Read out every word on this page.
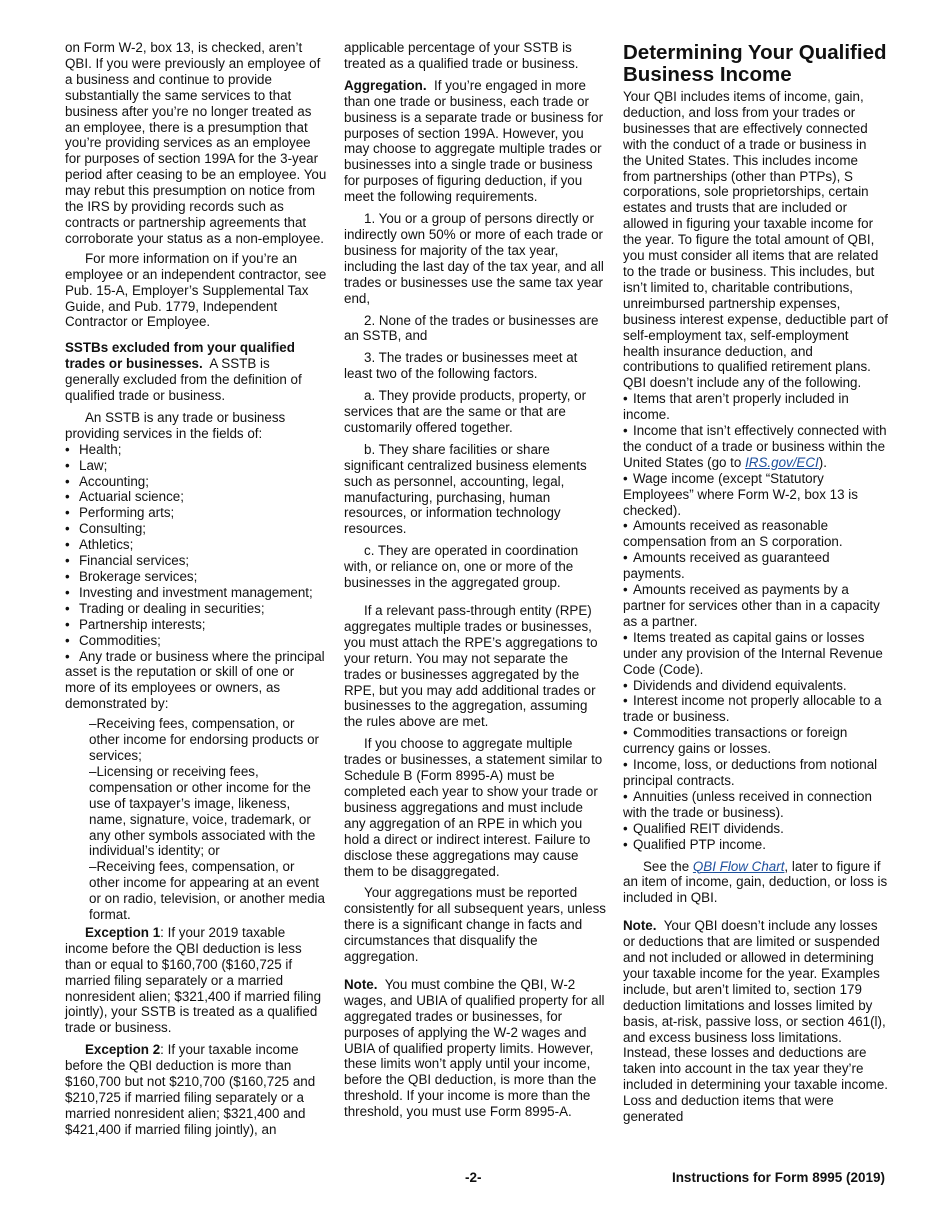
on Form W-2, box 13, is checked, aren’t QBI. If you were previously an employee of a business and continue to provide substantially the same services to that business after you’re no longer treated as an employee, there is a presumption that you’re providing services as an employee for purposes of section 199A for the 3-year period after ceasing to be an employee. You may rebut this presumption on notice from the IRS by providing records such as contracts or partnership agreements that corroborate your status as a non-employee.

For more information on if you’re an employee or an independent contractor, see Pub. 15-A, Employer’s Supplemental Tax Guide, and Pub. 1779, Independent Contractor or Employee.

SSTBs excluded from your qualified trades or businesses. A SSTB is generally excluded from the definition of qualified trade or business.

An SSTB is any trade or business providing services in the fields of:

• Health;
• Law;
• Accounting;
• Actuarial science;
• Performing arts;
• Consulting;
• Athletics;
• Financial services;
• Brokerage services;
• Investing and investment management;
• Trading or dealing in securities;
• Partnership interests;
• Commodities;
• Any trade or business where the principal asset is the reputation or skill of one or more of its employees or owners, as demonstrated by:
–Receiving fees, compensation, or other income for endorsing products or services;
–Licensing or receiving fees, compensation or other income for the use of taxpayer’s image, likeness, name, signature, voice, trademark, or any other symbols associated with the individual’s identity; or
–Receiving fees, compensation, or other income for appearing at an event or on radio, television, or another media format.

Exception 1: If your 2019 taxable income before the QBI deduction is less than or equal to $160,700 ($160,725 if married filing separately or a married nonresident alien; $321,400 if married filing jointly), your SSTB is treated as a qualified trade or business.

Exception 2: If your taxable income before the QBI deduction is more than $160,700 but not $210,700 ($160,725 and $210,725 if married filing separately or a married nonresident alien; $321,400 and $421,400 if married filing jointly), an

applicable percentage of your SSTB is treated as a qualified trade or business.

Aggregation. If you’re engaged in more than one trade or business, each trade or business is a separate trade or business for purposes of section 199A. However, you may choose to aggregate multiple trades or businesses into a single trade or business for purposes of figuring deduction, if you meet the following requirements.

1. You or a group of persons directly or indirectly own 50% or more of each trade or business for majority of the tax year, including the last day of the tax year, and all trades or businesses use the same tax year end,

2. None of the trades or businesses are an SSTB, and

3. The trades or businesses meet at least two of the following factors.

a. They provide products, property, or services that are the same or that are customarily offered together.

b. They share facilities or share significant centralized business elements such as personnel, accounting, legal, manufacturing, purchasing, human resources, or information technology resources.

c. They are operated in coordination with, or reliance on, one or more of the businesses in the aggregated group.

If a relevant pass-through entity (RPE) aggregates multiple trades or businesses, you must attach the RPE’s aggregations to your return. You may not separate the trades or businesses aggregated by the RPE, but you may add additional trades or businesses to the aggregation, assuming the rules above are met.

If you choose to aggregate multiple trades or businesses, a statement similar to Schedule B (Form 8995-A) must be completed each year to show your trade or business aggregations and must include any aggregation of an RPE in which you hold a direct or indirect interest. Failure to disclose these aggregations may cause them to be disaggregated.

Your aggregations must be reported consistently for all subsequent years, unless there is a significant change in facts and circumstances that disqualify the aggregation.

Note. You must combine the QBI, W-2 wages, and UBIA of qualified property for all aggregated trades or businesses, for purposes of applying the W-2 wages and UBIA of qualified property limits. However, these limits won’t apply until your income, before the QBI deduction, is more than the threshold. If your income is more than the threshold, you must use Form 8995-A.

Determining Your Qualified Business Income

Your QBI includes items of income, gain, deduction, and loss from your trades or businesses that are effectively connected with the conduct of a trade or business in the United States. This includes income from partnerships (other than PTPs), S corporations, sole proprietorships, certain estates and trusts that are included or allowed in figuring your taxable income for the year. To figure the total amount of QBI, you must consider all items that are related to the trade or business. This includes, but isn’t limited to, charitable contributions, unreimbursed partnership expenses, business interest expense, deductible part of self-employment tax, self-employment health insurance deduction, and contributions to qualified retirement plans. QBI doesn’t include any of the following.

• Items that aren’t properly included in income.
• Income that isn’t effectively connected with the conduct of a trade or business within the United States (go to IRS.gov/ECI).
• Wage income (except “Statutory Employees” where Form W-2, box 13 is checked).
• Amounts received as reasonable compensation from an S corporation.
• Amounts received as guaranteed payments.
• Amounts received as payments by a partner for services other than in a capacity as a partner.
• Items treated as capital gains or losses under any provision of the Internal Revenue Code (Code).
• Dividends and dividend equivalents.
• Interest income not properly allocable to a trade or business.
• Commodities transactions or foreign currency gains or losses.
• Income, loss, or deductions from notional principal contracts.
• Annuities (unless received in connection with the trade or business).
• Qualified REIT dividends.
• Qualified PTP income.

See the QBI Flow Chart, later to figure if an item of income, gain, deduction, or loss is included in QBI.

Note. Your QBI doesn’t include any losses or deductions that are limited or suspended and not included or allowed in determining your taxable income for the year. Examples include, but aren’t limited to, section 179 deduction limitations and losses limited by basis, at-risk, passive loss, or section 461(l), and excess business loss limitations. Instead, these losses and deductions are taken into account in the tax year they’re included in determining your taxable income. Loss and deduction items that were generated

-2-	Instructions for Form 8995 (2019)
